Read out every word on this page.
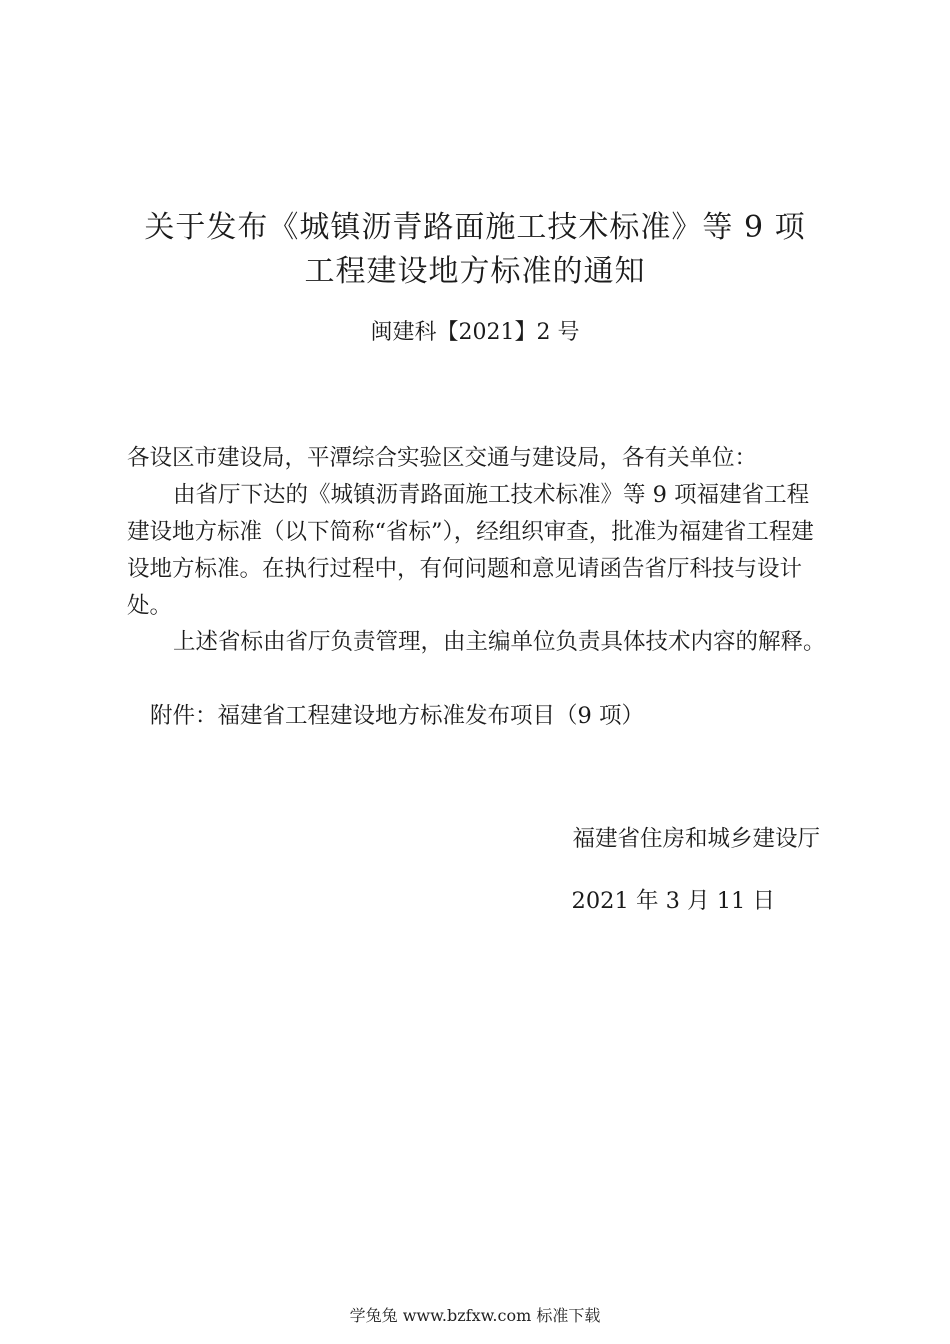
关于发布《城镇沥青路面施工技术标准》等 9 项
工程建设地方标准的通知
闽建科【2021】2 号

各设区市建设局，平潭综合实验区交通与建设局，各有关单位：

由省厅下达的《城镇沥青路面施工技术标准》等 9 项福建省工程建设地方标准（以下简称“省标”），经组织审查，批准为福建省工程建设地方标准。在执行过程中，有何问题和意见请函告省厅科技与设计处。

上述省标由省厅负责管理，由主编单位负责具体技术内容的解释。

附件：福建省工程建设地方标准发布项目（9 项）

福建省住房和城乡建设厅
2021 年 3 月 11 日
学兔兔 www.bzfxw.com 标准下载
